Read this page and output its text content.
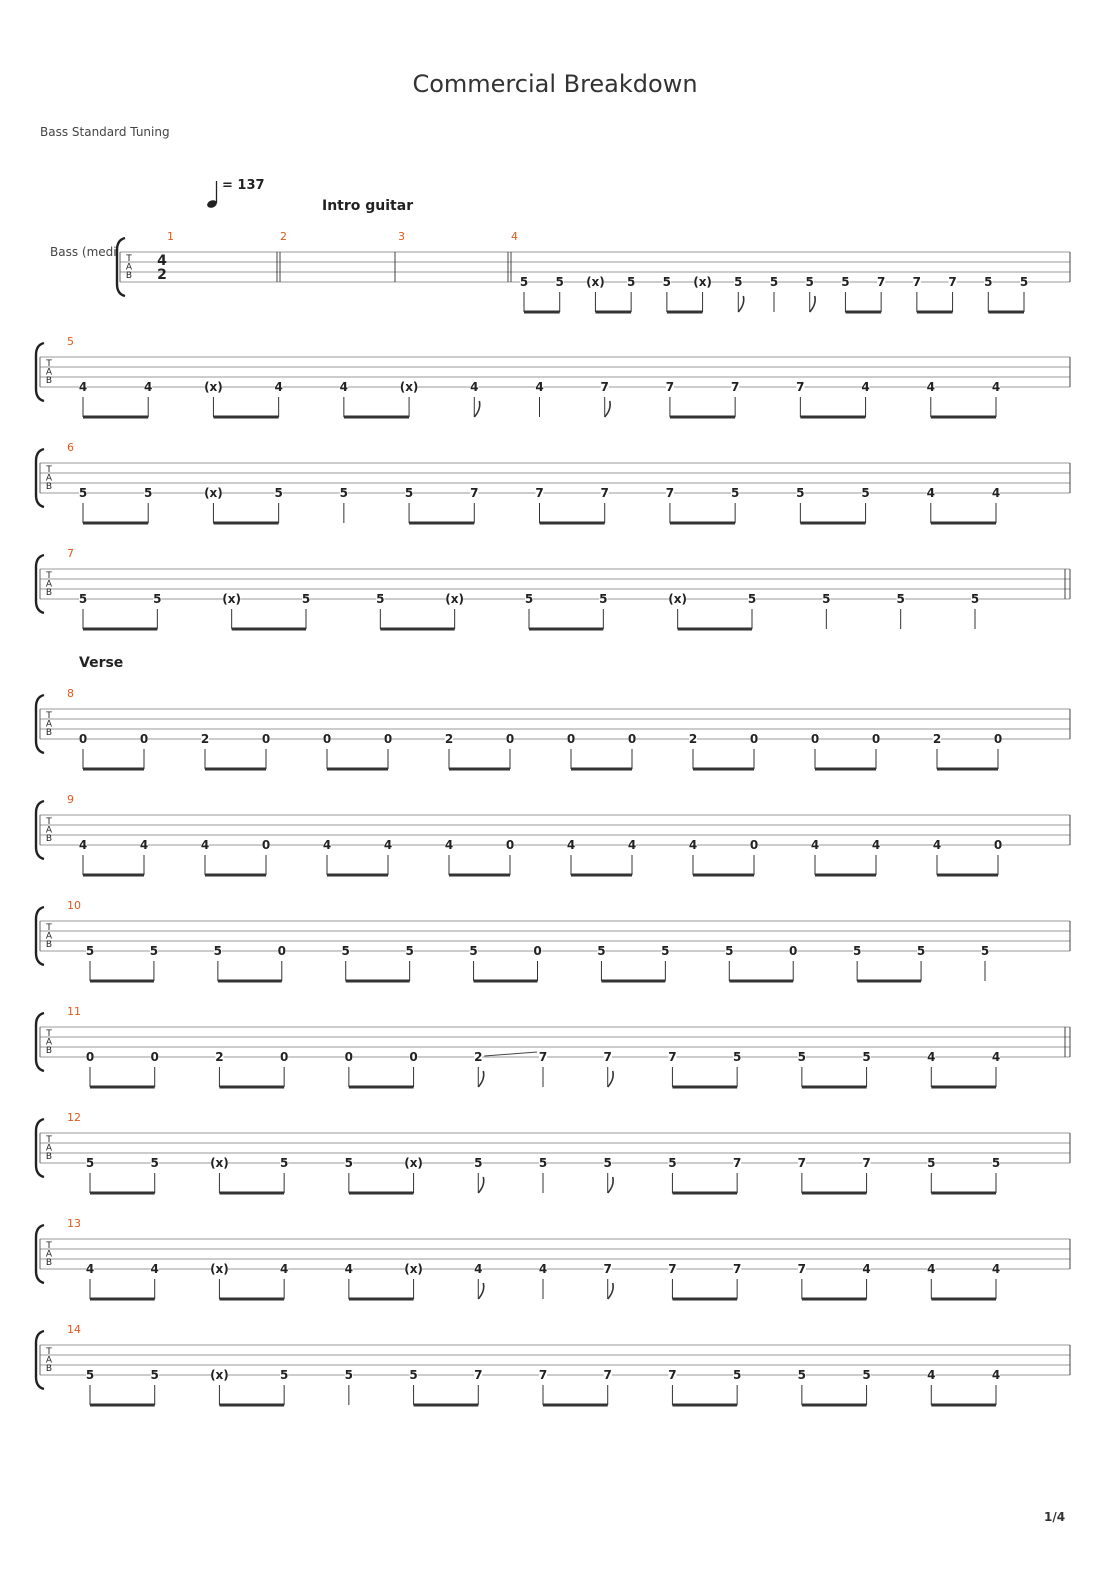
Commercial Breakdown
Bass Standard Tuning
T
A
B
Bass (medi
4
2
1	2	3	4
5 5 (x) 5 5 (x) 5 5 5 5 7 7 7 5 5
T
A
B
5
4	4	(x)	4	4	(x)	4	4	7	7	7	7	4	4	4
T
A
B
6
5	5	(x)	5	5	5	7	7	7	7	5	5	5	4	4
T
A
B
7
5	5	(x)	5	5	(x)	5	5	(x)	5	5	5	5
T
A
B
8
0	0	2	0	0	0	2	0	0	0	2	0	0	0	2	0
T
A
B
9
4	4	4	0	4	4	4	0	4	4	4	0	4	4	4	0
T
A
B
10
5	5	5	0	5	5	5	0	5	5	5	0	5	5	5
T
A
B
11
0	0	2	0	0	0	2	7	7	7	5	5	5	4	4
T
A
B
12
5	5	(x)	5	5	(x)	5	5	5	5	7	7	7	5	5
T
A
B
13
4	4	(x)	4	4	(x)	4	4	7	7	7	7	4	4	4
T
A
B
14
5	5	(x)	5	5	5	7	7	7	7	5	5	5	4	4
= 137
Intro guitar
Verse
1/4
